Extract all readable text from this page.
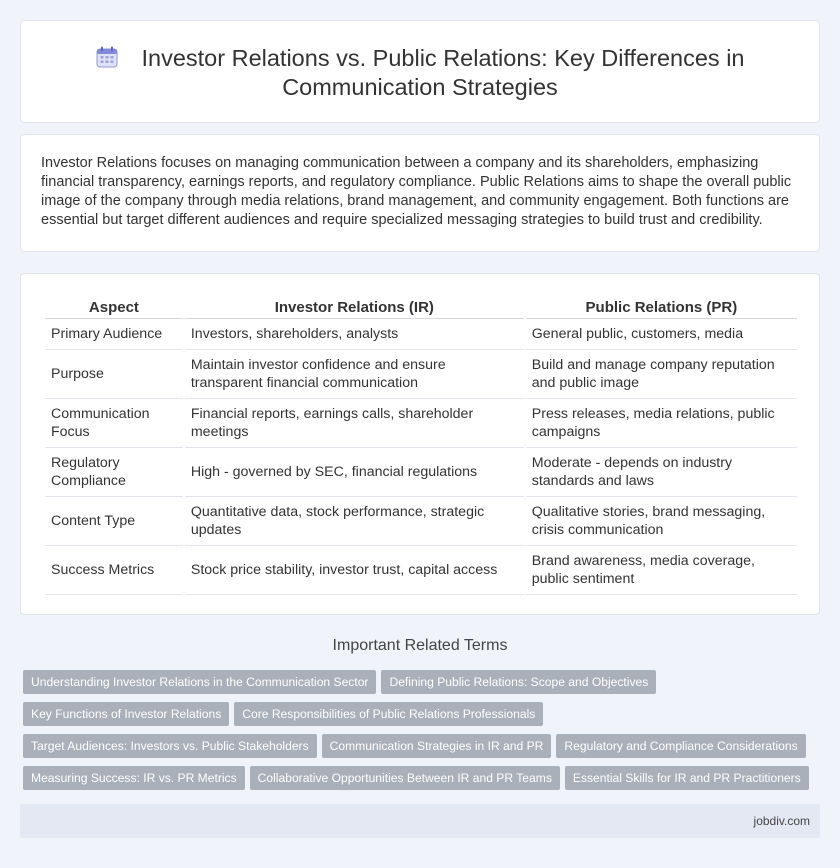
Investor Relations vs. Public Relations: Key Differences in
Communication Strategies

Investor Relations focuses on managing communication between a company and its shareholders, emphasizing financial transparency, earnings reports, and regulatory compliance. Public Relations aims to shape the overall public image of the company through media relations, brand management, and community engagement. Both functions are essential but target different audiences and require specialized messaging strategies to build trust and credibility.

Aspect	Investor Relations (IR)	Public Relations (PR)
Primary Audience	Investors, shareholders, analysts	General public, customers, media
Purpose	Maintain investor confidence and ensure transparent financial communication	Build and manage company reputation and public image
Communication Focus	Financial reports, earnings calls, shareholder meetings	Press releases, media relations, public campaigns
Regulatory Compliance	High - governed by SEC, financial regulations	Moderate - depends on industry standards and laws
Content Type	Quantitative data, stock performance, strategic updates	Qualitative stories, brand messaging, crisis communication
Success Metrics	Stock price stability, investor trust, capital access	Brand awareness, media coverage, public sentiment
Important Related Terms
Understanding Investor Relations in the Communication Sector Defining Public Relations: Scope and Objectives
Key Functions of Investor Relations Core Responsibilities of Public Relations Professionals
Target Audiences: Investors vs. Public Stakeholders Communication Strategies in IR and PR Regulatory and Compliance Considerations
Measuring Success: IR vs. PR Metrics Collaborative Opportunities Between IR and PR Teams Essential Skills for IR and PR Practitioners
jobdiv.com
